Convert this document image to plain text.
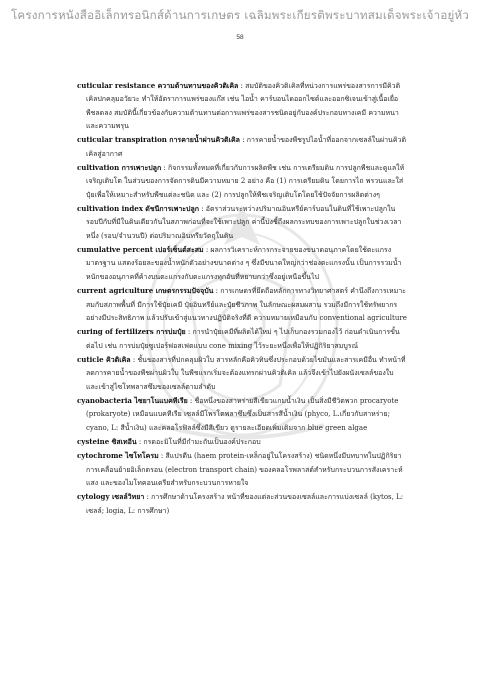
โครงการหนังสืออิเล็กทรอนิกส์ด้านการเกษตร เฉลิมพระเกียรติพระบาทสมเด็จพระเจ้าอยู่หัว
58
cuticular resistance ความต้านทานของคิวติเคิล : สมบัติของคิวติเคิลที่หน่วงการแพร่ของสารการมีคิวติเคิลปกคลุมอวัยวะ ทำให้อัตราการแพร่ของแก๊ส เช่น ไอน้ำ คาร์บอนไดออกไซด์และออกซิเจนเข้าสู่เนื้อเยื่อพืชลดลง สมบัตินี้เกี่ยวข้องกับความต้านทานต่อการแพร่ของสารชนิดอยู่กับองค์ประกอบทางเคมี ความหนาและความพรุน
cuticular transpiration การคายน้ำผ่านคิวติเคิล : การคายน้ำของพืชรูปไอน้ำที่ออกจากเซลล์ในผ่านคิวติเคิลสู่อากาศ
cultivation การเพาะปลูก : กิจกรรมทั้งหมดที่เกี่ยวกับการผลิตพืช เช่น การเตรียมดิน การปลูกพืชและดูแลให้เจริญเติบโต ในส่วนของการจัดการดินมีความหมาย 2 อย่าง คือ (1) การเตรียมดิน โดยการไถ พรวนและใส่ปุ๋ยเพื่อให้เหมาะสำหรับพืชแต่ละชนิด และ (2) การปลูกให้พืชเจริญเติบโตโดยใช้ปัจจัยการผลิตต่างๆ
cultivation index ดัชนีการเพาะปลูก : อัตราส่วนระหว่างปริมาณอินทรีย์คาร์บอนในดินที่ใช้เพาะปลูกในรอบปีกับที่มีในดินเดียวกันในสภาพก่อนที่จะใช้เพาะปลูก ค่านี้บ่งชี้ถึงผลกระทบของการเพาะปลูกในช่วงเวลาหนึ่ง (รอบ/จำนวนปี) ต่อปริมาณอินทรียวัตถุในดิน
cumulative percent เปอร์เซ็นต์สะสม : ผลการวิเคราะห์การกระจายของขนาดอนุภาคโดยใช้ตะแกรงมาตรฐาน แสดงร้อยละของน้ำหนักตัวอย่างขนาดต่าง ๆ ซึ่งมีขนาดใหญ่กว่าช่องตะแกรงนั้น เป็นการรวมน้ำหนักของอนุภาคที่ค้างบนตะแกรงกับตะแกรงทุกอันที่หยาบกว่าซึ่งอยู่เหนือขึ้นไป
current agriculture เกษตรกรรมปัจจุบัน : การเกษตรที่ยึดถือหลักการทางวิทยาศาสตร์ คำนึงถึงการเหมาะสมกับสภาพพื้นที่ มีการใช้ปุ๋ยเคมี ปุ๋ยอินทรีย์และปุ๋ยชีวภาพ ในลักษณะผสมผสาน รวมถึงมีการใช้ทรัพยากรอย่างมีประสิทธิภาพ แล้วปรับเข้าสู่แนวทางปฏิบัติจริงที่ดี ความหมายเหมือนกับ conventional agriculture
curing of fertilizers การบ่มปุ๋ย : การนำปุ๋ยเคมีที่ผลิตได้ใหม่ ๆ ไปเก็บกองรวมกองไว้ ก่อนดำเนินการขั้นต่อไป เช่น การบ่มปุ๋ยซูเปอร์ฟอสเฟตแบบ cone mixing ไว้ระยะหนึ่งเพื่อให้ปฏิกิริยาสมบูรณ์
cuticle คิวติเคิล : ชั้นของสารที่ปกคลุมผิวใบ สารหลักคือคิวทินซึ่งประกอบด้วยไขมันและสารเคมีอื่น ทำหน้าที่ลดการคายน้ำของพืชผ่านผิวใบ ในพืชแรกเริ่มจะต้องแทรกผ่านคิวติเคิล แล้วจึงเข้าไปยังผนังเซลล์ของใบ และเข้าสู่ไซโทพลาสซึมของเซลล์ตามลำดับ
cyanobacteria ไซยาโนแบคทีเรีย : ชื่อหนึ่งของสาหร่ายสีเขียวแกมน้ำเงิน เป็นสิ่งมีชีวิตพวก procaryote (prokaryote) เหมือนแบคทีเรีย เซลล์มีโพรโตพลาซึมซึ่งเป็นสารสีน้ำเงิน (phyco, L.เกี่ยวกับสาหร่าย; cyano, L: สีน้ำเงิน) และคลอโรฟิลล์ซึ่งมีสีเขียว ดูรายละเอียดเพิ่มเติมจาก blue green algae
cysteine ซิสเทอีน : กรดอะมิโนที่มีกำมะถันเป็นองค์ประกอบ
cytochrome ไซโทโครม : สีแปรดีน (haem protein-เหล็กอยู่ในโครงสร้าง) ชนิดหนึ่งมีบทบาทในปฏิกิริยาการเคลื่อนย้ายอิเล็กตรอน (electron transport chain) ของคลอโรพลาสต์สำหรับกระบวนการสังเคราะห์แสง และของไมโทคอนเดรียสำหรับกระบวนการหายใจ
cytology เซลล์วิทยา : การศึกษาด้านโครงสร้าง หน้าที่ของแต่ละส่วนของเซลล์และการแบ่งเซลล์ (kytos, L: เซลล์; logia, L: การศึกษา)
